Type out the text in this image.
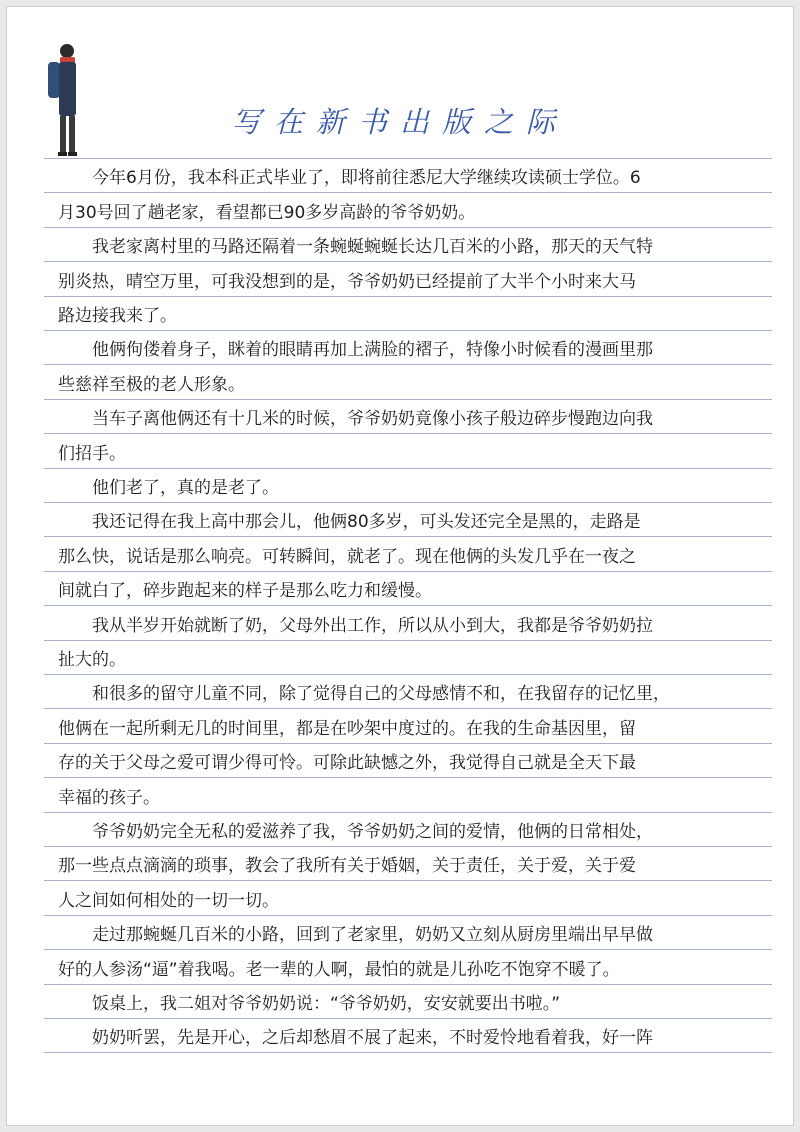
写在新书出版之际
今年6月份，我本科正式毕业了，即将前往悉尼大学继续攻读硕士学位。6
月30号回了趟老家，看望都已90多岁高龄的爷爷奶奶。
我老家离村里的马路还隔着一条蜿蜒蜿蜒长达几百米的小路，那天的天气特
别炎热，晴空万里，可我没想到的是，爷爷奶奶已经提前了大半个小时来大马
路边接我来了。
他俩佝偻着身子，眯着的眼睛再加上满脸的褶子，特像小时候看的漫画里那
些慈祥至极的老人形象。
当车子离他俩还有十几米的时候，爷爷奶奶竟像小孩子般边碎步慢跑边向我
们招手。
他们老了，真的是老了。
我还记得在我上高中那会儿，他俩80多岁，可头发还完全是黑的，走路是
那么快，说话是那么响亮。可转瞬间，就老了。现在他俩的头发几乎在一夜之
间就白了，碎步跑起来的样子是那么吃力和缓慢。
我从半岁开始就断了奶，父母外出工作，所以从小到大，我都是爷爷奶奶拉
扯大的。
和很多的留守儿童不同，除了觉得自己的父母感情不和，在我留存的记忆里，
他俩在一起所剩无几的时间里，都是在吵架中度过的。在我的生命基因里，留
存的关于父母之爱可谓少得可怜。可除此缺憾之外，我觉得自己就是全天下最
幸福的孩子。
爷爷奶奶完全无私的爱滋养了我，爷爷奶奶之间的爱情，他俩的日常相处，
那一些点点滴滴的琐事，教会了我所有关于婚姻，关于责任，关于爱，关于爱
人之间如何相处的一切一切。
走过那蜿蜒几百米的小路，回到了老家里，奶奶又立刻从厨房里端出早早做
好的人参汤“逼”着我喝。老一辈的人啊，最怕的就是儿孙吃不饱穿不暖了。
饭桌上，我二姐对爷爷奶奶说：“爷爷奶奶，安安就要出书啦。”
奶奶听罢，先是开心，之后却愁眉不展了起来，不时爱怜地看着我，好一阵
